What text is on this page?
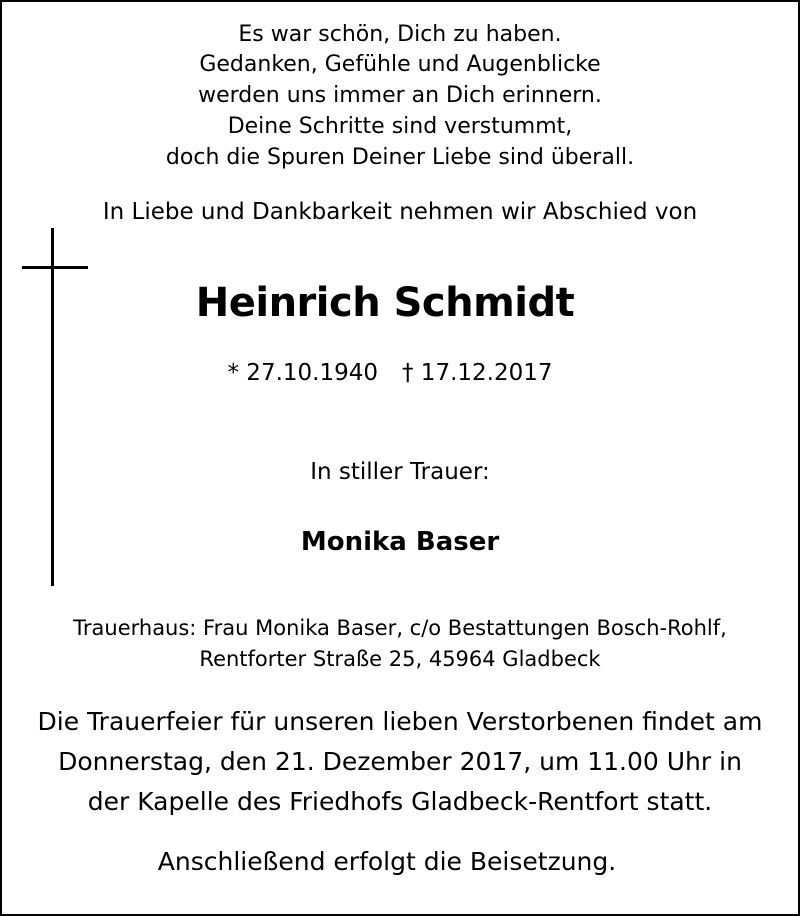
Es war schön, Dich zu haben.
Gedanken, Gefühle und Augenblicke
werden uns immer an Dich erinnern.
Deine Schritte sind verstummt,
doch die Spuren Deiner Liebe sind überall.
In Liebe und Dankbarkeit nehmen wir Abschied von
Heinrich Schmidt
* 27.10.1940 † 17.12.2017
In stiller Trauer:
Monika Baser
Trauerhaus: Frau Monika Baser, c/o Bestattungen Bosch-Rohlf,
Rentforter Straße 25, 45964 Gladbeck
Die Trauerfeier für unseren lieben Verstorbenen findet am
Donnerstag, den 21. Dezember 2017, um 11.00 Uhr in
der Kapelle des Friedhofs Gladbeck-Rentfort statt.
Anschließend erfolgt die Beisetzung.
